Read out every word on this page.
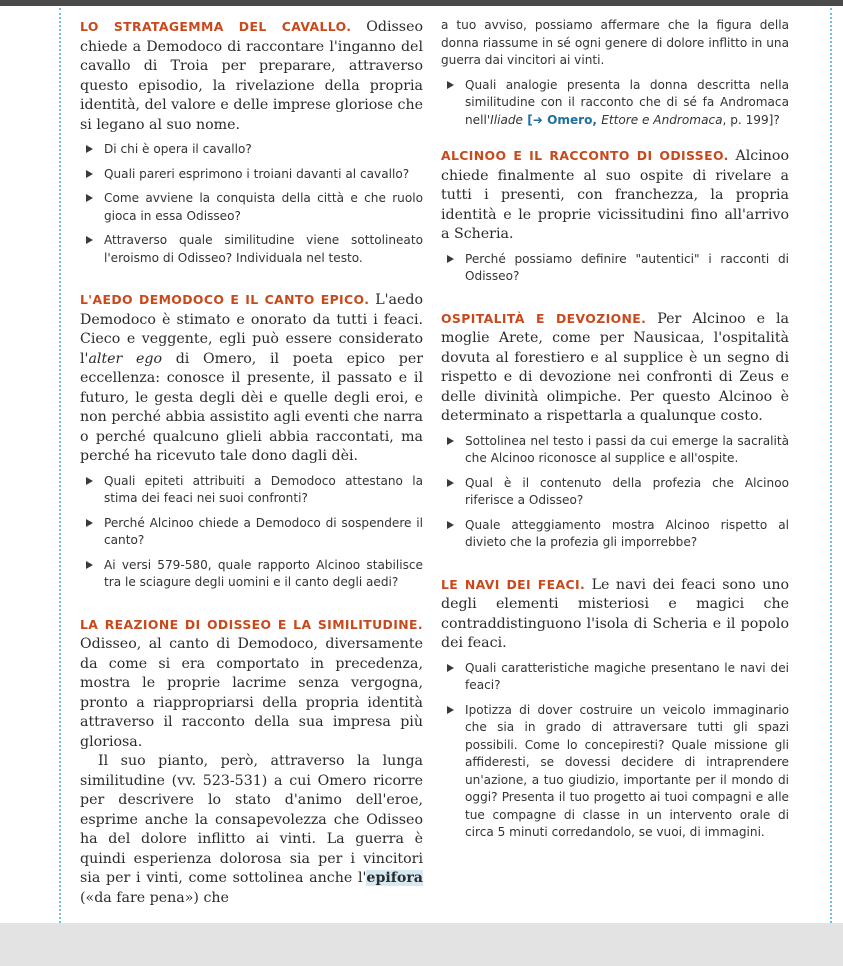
LO STRATAGEMMA DEL CAVALLO. Odisseo chiede a Demodoco di raccontare l'inganno del cavallo di Troia per preparare, attraverso questo episodio, la rivelazione della propria identità, del valore e delle imprese gloriose che si legano al suo nome.

Di chi è opera il cavallo?
Quali pareri esprimono i troiani davanti al cavallo?
Come avviene la conquista della città e che ruolo gioca in essa Odisseo?
Attraverso quale similitudine viene sottolineato l'eroismo di Odisseo? Individuala nel testo.

L'AEDO DEMODOCO E IL CANTO EPICO. L'aedo Demodoco è stimato e onorato da tutti i feaci. Cieco e veggente, egli può essere considerato l'alter ego di Omero, il poeta epico per eccellenza: conosce il presente, il passato e il futuro, le gesta degli dèi e quelle degli eroi, e non perché abbia assistito agli eventi che narra o perché qualcuno glieli abbia raccontati, ma perché ha ricevuto tale dono dagli dèi.

Quali epiteti attribuiti a Demodoco attestano la stima dei feaci nei suoi confronti?
Perché Alcinoo chiede a Demodoco di sospendere il canto?
Ai versi 579-580, quale rapporto Alcinoo stabilisce tra le sciagure degli uomini e il canto degli aedi?

LA REAZIONE DI ODISSEO E LA SIMILITUDINE. Odisseo, al canto di Demodoco, diversamente da come si era comportato in precedenza, mostra le proprie lacrime senza vergogna, pronto a riappropriarsi della propria identità attraverso il racconto della sua impresa più gloriosa.

Il suo pianto, però, attraverso la lunga similitudine (vv. 523-531) a cui Omero ricorre per descrivere lo stato d'animo dell'eroe, esprime anche la consapevolezza che Odisseo ha del dolore inflitto ai vinti. La guerra è quindi esperienza dolorosa sia per i vincitori sia per i vinti, come sottolinea anche l'epifora («da fare pena») che

a tuo avviso, possiamo affermare che la figura della donna riassume in sé ogni genere di dolore inflitto in una guerra dai vincitori ai vinti.
Quali analogie presenta la donna descritta nella similitudine con il racconto che di sé fa Andromaca nell'Iliade [➜ Omero, Ettore e Andromaca, p. 199]?

ALCINOO E IL RACCONTO DI ODISSEO. Alcinoo chiede finalmente al suo ospite di rivelare a tutti i presenti, con franchezza, la propria identità e le proprie vicissitudini fino all'arrivo a Scheria.

Perché possiamo definire "autentici" i racconti di Odisseo?

OSPITALITÀ E DEVOZIONE. Per Alcinoo e la moglie Arete, come per Nausicaa, l'ospitalità dovuta al forestiero e al supplice è un segno di rispetto e di devozione nei confronti di Zeus e delle divinità olimpiche. Per questo Alcinoo è determinato a rispettarla a qualunque costo.

Sottolinea nel testo i passi da cui emerge la sacralità che Alcinoo riconosce al supplice e all'ospite.
Qual è il contenuto della profezia che Alcinoo riferisce a Odisseo?
Quale atteggiamento mostra Alcinoo rispetto al divieto che la profezia gli imporrebbe?

LE NAVI DEI FEACI. Le navi dei feaci sono uno degli elementi misteriosi e magici che contraddistinguono l'isola di Scheria e il popolo dei feaci.

Quali caratteristiche magiche presentano le navi dei feaci?
Ipotizza di dover costruire un veicolo immaginario che sia in grado di attraversare tutti gli spazi possibili. Come lo concepiresti? Quale missione gli affideresti, se dovessi decidere di intraprendere un'azione, a tuo giudizio, importante per il mondo di oggi? Presenta il tuo progetto ai tuoi compagni e alle tue compagne di classe in un intervento orale di circa 5 minuti corredandolo, se vuoi, di immagini.
